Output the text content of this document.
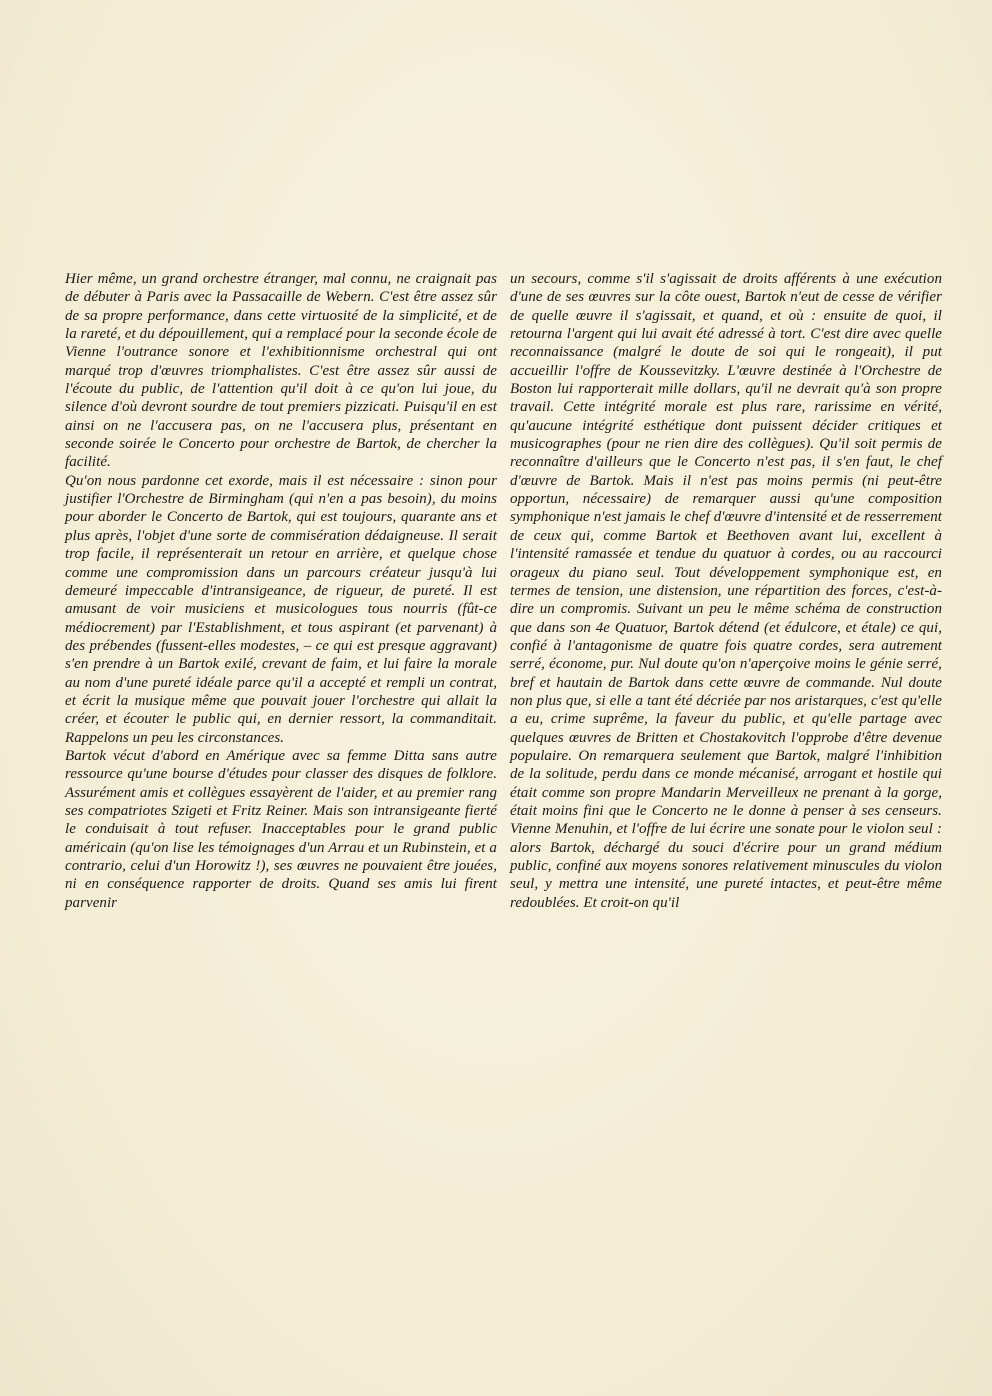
Hier même, un grand orchestre étranger, mal connu, ne craignait pas de débuter à Paris avec la Passacaille de Webern. C'est être assez sûr de sa propre performance, dans cette virtuosité de la simplicité, et de la rareté, et du dépouillement, qui a remplacé pour la seconde école de Vienne l'outrance sonore et l'exhibitionnisme orchestral qui ont marqué trop d'œuvres triomphalistes. C'est être assez sûr aussi de l'écoute du public, de l'attention qu'il doit à ce qu'on lui joue, du silence d'où devront sourdre de tout premiers pizzicati. Puisqu'il en est ainsi on ne l'accusera pas, on ne l'accusera plus, présentant en seconde soirée le Concerto pour orchestre de Bartok, de chercher la facilité.

Qu'on nous pardonne cet exorde, mais il est nécessaire : sinon pour justifier l'Orchestre de Birmingham (qui n'en a pas besoin), du moins pour aborder le Concerto de Bartok, qui est toujours, quarante ans et plus après, l'objet d'une sorte de commisération dédaigneuse. Il serait trop facile, il représenterait un retour en arrière, et quelque chose comme une compromission dans un parcours créateur jusqu'à lui demeuré impeccable d'intransigeance, de rigueur, de pureté. Il est amusant de voir musiciens et musicologues tous nourris (fût-ce médiocrement) par l'Establishment, et tous aspirant (et parvenant) à des prébendes (fussent-elles modestes, – ce qui est presque aggravant) s'en prendre à un Bartok exilé, crevant de faim, et lui faire la morale au nom d'une pureté idéale parce qu'il a accepté et rempli un contrat, et écrit la musique même que pouvait jouer l'orchestre qui allait la créer, et écouter le public qui, en dernier ressort, la commanditait. Rappelons un peu les circonstances.

Bartok vécut d'abord en Amérique avec sa femme Ditta sans autre ressource qu'une bourse d'études pour classer des disques de folklore. Assurément amis et collègues essayèrent de l'aider, et au premier rang ses compatriotes Szigeti et Fritz Reiner. Mais son intransigeante fierté le conduisait à tout refuser. Inacceptables pour le grand public américain (qu'on lise les témoignages d'un Arrau et un Rubinstein, et a contrario, celui d'un Horowitz !), ses œuvres ne pouvaient être jouées, ni en conséquence rapporter de droits. Quand ses amis lui firent parvenir

un secours, comme s'il s'agissait de droits afférents à une exécution d'une de ses œuvres sur la côte ouest, Bartok n'eut de cesse de vérifier de quelle œuvre il s'agissait, et quand, et où : ensuite de quoi, il retourna l'argent qui lui avait été adressé à tort. C'est dire avec quelle reconnaissance (malgré le doute de soi qui le rongeait), il put accueillir l'offre de Koussevitzky. L'œuvre destinée à l'Orchestre de Boston lui rapporterait mille dollars, qu'il ne devrait qu'à son propre travail. Cette intégrité morale est plus rare, rarissime en vérité, qu'aucune intégrité esthétique dont puissent décider critiques et musicographes (pour ne rien dire des collègues). Qu'il soit permis de reconnaître d'ailleurs que le Concerto n'est pas, il s'en faut, le chef d'œuvre de Bartok. Mais il n'est pas moins permis (ni peut-être opportun, nécessaire) de remarquer aussi qu'une composition symphonique n'est jamais le chef d'œuvre d'intensité et de resserrement de ceux qui, comme Bartok et Beethoven avant lui, excellent à l'intensité ramassée et tendue du quatuor à cordes, ou au raccourci orageux du piano seul. Tout développement symphonique est, en termes de tension, une distension, une répartition des forces, c'est-à-dire un compromis. Suivant un peu le même schéma de construction que dans son 4e Quatuor, Bartok détend (et édulcore, et étale) ce qui, confié à l'antagonisme de quatre fois quatre cordes, sera autrement serré, économe, pur. Nul doute qu'on n'aperçoive moins le génie serré, bref et hautain de Bartok dans cette œuvre de commande. Nul doute non plus que, si elle a tant été décriée par nos aristarques, c'est qu'elle a eu, crime suprême, la faveur du public, et qu'elle partage avec quelques œuvres de Britten et Chostakovitch l'opprobe d'être devenue populaire. On remarquera seulement que Bartok, malgré l'inhibition de la solitude, perdu dans ce monde mécanisé, arrogant et hostile qui était comme son propre Mandarin Merveilleux ne prenant à la gorge, était moins fini que le Concerto ne le donne à penser à ses censeurs. Vienne Menuhin, et l'offre de lui écrire une sonate pour le violon seul : alors Bartok, déchargé du souci d'écrire pour un grand médium public, confiné aux moyens sonores relativement minuscules du violon seul, y mettra une intensité, une pureté intactes, et peut-être même redoublées. Et croit-on qu'il
